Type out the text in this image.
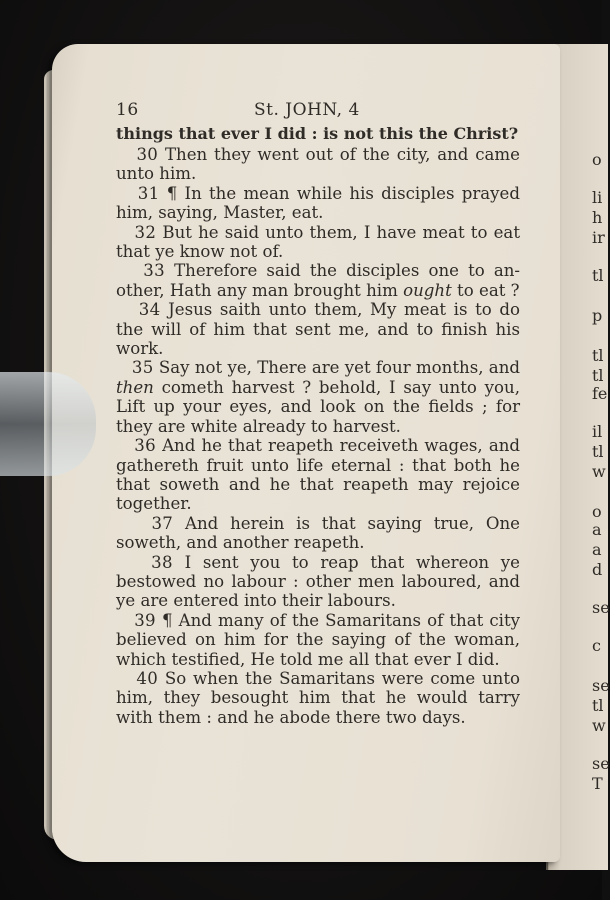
16	St. JOHN, 4
things that ever I did : is not this the Christ?
30 Then they went out of the city, and came unto him.
31 ¶ In the mean while his disciples prayed him, saying, Master, eat.
32 But he said unto them, I have meat to eat that ye know not of.
33 Therefore said the disciples one to an- other, Hath any man brought him ought to eat ?
34 Jesus saith unto them, My meat is to do the will of him that sent me, and to finish his work.
35 Say not ye, There are yet four months, and then cometh harvest ? behold, I say unto you, Lift up your eyes, and look on the fields ; for they are white already to harvest.
36 And he that reapeth receiveth wages, and gathereth fruit unto life eternal : that both he that soweth and he that reapeth may rejoice together.
37 And herein is that saying true, One soweth, and another reapeth.
38 I sent you to reap that whereon ye bestowed no labour : other men laboured, and ye are entered into their labours.
39 ¶ And many of the Samaritans of that city believed on him for the saying of the woman, which testified, He told me all that ever I did.
40 So when the Samaritans were come unto him, they besought him that he would tarry with them : and he abode there two days.
o
li
h
ir
tl
p
tl
tl
fe
il
tl
w
o
a
a
d
se
c
se
tl
w
se
T
